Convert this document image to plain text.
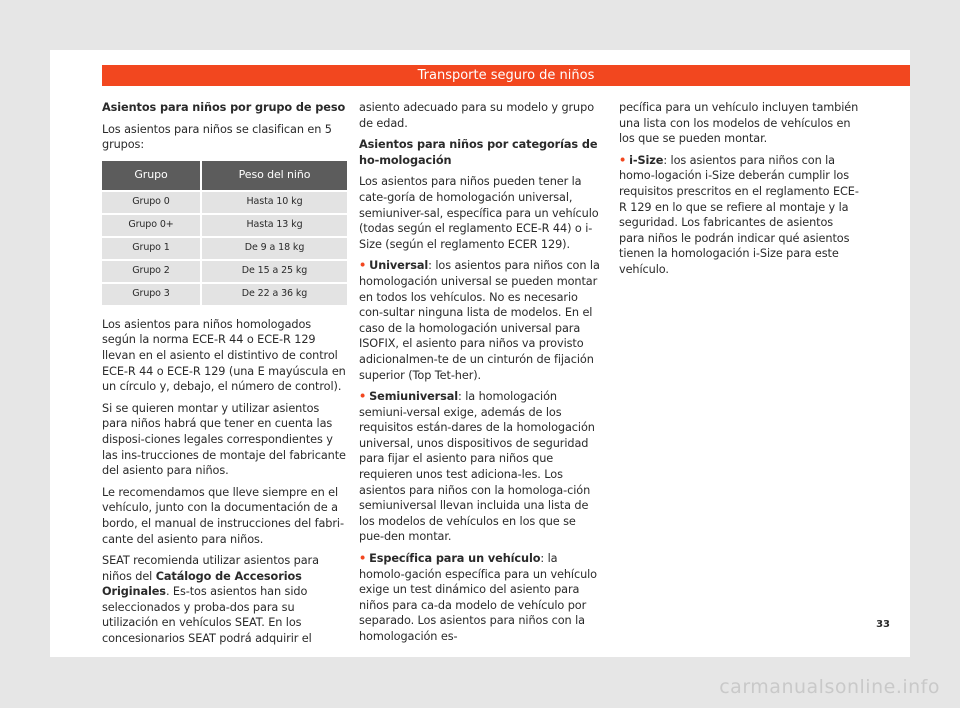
Transporte seguro de niños

Asientos para niños por grupo de peso

Los asientos para niños se clasifican en 5 grupos:

Grupo	Peso del niño
Grupo 0	Hasta 10 kg
Grupo 0+	Hasta 13 kg
Grupo 1	De 9 a 18 kg
Grupo 2	De 15 a 25 kg
Grupo 3	De 22 a 36 kg

Los asientos para niños homologados según la norma ECE-R 44 o ECE-R 129 llevan en el asiento el distintivo de control ECE-R 44 o ECE-R 129 (una E mayúscula en un círculo y, debajo, el número de control).

Si se quieren montar y utilizar asientos para niños habrá que tener en cuenta las disposi-ciones legales correspondientes y las ins-trucciones de montaje del fabricante del asiento para niños.

Le recomendamos que lleve siempre en el vehículo, junto con la documentación de a bordo, el manual de instrucciones del fabri-cante del asiento para niños.

SEAT recomienda utilizar asientos para niños del Catálogo de Accesorios Originales. Es-tos asientos han sido seleccionados y proba-dos para su utilización en vehículos SEAT. En los concesionarios SEAT podrá adquirir el

asiento adecuado para su modelo y grupo de edad.

Asientos para niños por categorías de ho-mologación

Los asientos para niños pueden tener la cate-goría de homologación universal, semiuniver-sal, específica para un vehículo (todas según el reglamento ECE-R 44) o i-Size (según el reglamento ECER 129).

• Universal: los asientos para niños con la homologación universal se pueden montar en todos los vehículos. No es necesario con-sultar ninguna lista de modelos. En el caso de la homologación universal para ISOFIX, el asiento para niños va provisto adicionalmen-te de un cinturón de fijación superior (Top Tet-her).

• Semiuniversal: la homologación semiuni-versal exige, además de los requisitos están-dares de la homologación universal, unos dispositivos de seguridad para fijar el asiento para niños que requieren unos test adiciona-les. Los asientos para niños con la homologa-ción semiuniversal llevan incluida una lista de los modelos de vehículos en los que se pue-den montar.

• Específica para un vehículo: la homolo-gación específica para un vehículo exige un test dinámico del asiento para niños para ca-da modelo de vehículo por separado. Los asientos para niños con la homologación es-

pecífica para un vehículo incluyen también una lista con los modelos de vehículos en los que se pueden montar.

• i-Size: los asientos para niños con la homo-logación i-Size deberán cumplir los requisitos prescritos en el reglamento ECE-R 129 en lo que se refiere al montaje y la seguridad. Los fabricantes de asientos para niños le podrán indicar qué asientos tienen la homologación i-Size para este vehículo.

33
carmanualsonline.info
